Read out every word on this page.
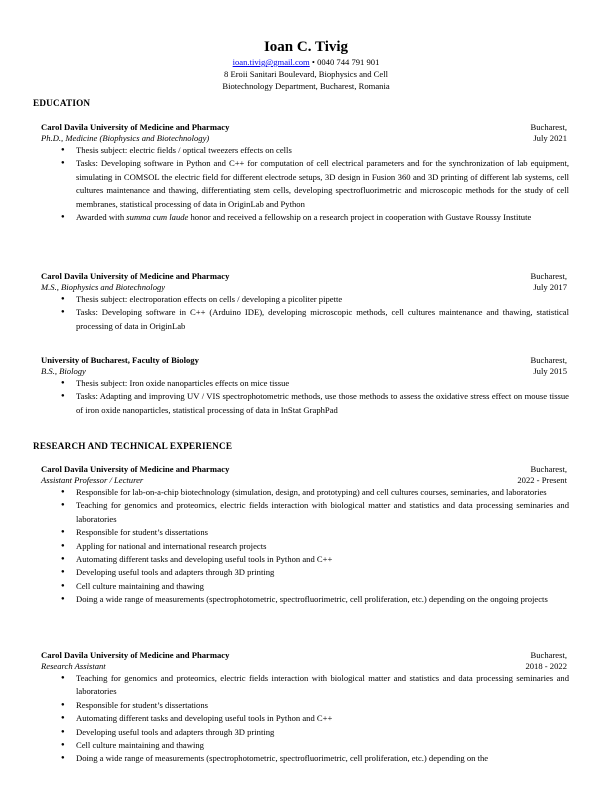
Ioan C. Tivig
ioan.tivig@gmail.com • 0040 744 791 901
8 Eroii Sanitari Boulevard, Biophysics and Cell
Biotechnology Department, Bucharest, Romania
EDUCATION
Carol Davila University of Medicine and Pharmacy
Ph.D., Medicine (Biophysics and Biotechnology)
Bucharest,
July 2021
● Thesis subject: electric fields / optical tweezers effects on cells
● Tasks: Developing software in Python and C++ for computation of cell electrical parameters and for the synchronization of lab equipment, simulating in COMSOL the electric field for different electrode setups, 3D design in Fusion 360 and 3D printing of different lab systems, cell cultures maintenance and thawing, differentiating stem cells, developing spectrofluorimetric and microscopic methods for the study of cell membranes, statistical processing of data in OriginLab and Python
● Awarded with summa cum laude honor and received a fellowship on a research project in cooperation with Gustave Roussy Institute
Carol Davila University of Medicine and Pharmacy
M.S., Biophysics and Biotechnology
Bucharest,
July 2017
● Thesis subject: electroporation effects on cells / developing a picoliter pipette
● Tasks: Developing software in C++ (Arduino IDE), developing microscopic methods, cell cultures maintenance and thawing, statistical processing of data in OriginLab
University of Bucharest, Faculty of Biology
B.S., Biology
Bucharest,
July 2015
● Thesis subject: Iron oxide nanoparticles effects on mice tissue
● Tasks: Adapting and improving UV / VIS spectrophotometric methods, use those methods to assess the oxidative stress effect on mouse tissue of iron oxide nanoparticles, statistical processing of data in InStat GraphPad
RESEARCH AND TECHNICAL EXPERIENCE
Carol Davila University of Medicine and Pharmacy
Assistant Professor / Lecturer
Bucharest,
2022 - Present
● Responsible for lab-on-a-chip biotechnology (simulation, design, and prototyping) and cell cultures courses, seminaries, and laboratories
● Teaching for genomics and proteomics, electric fields interaction with biological matter and statistics and data processing seminaries and laboratories
● Responsible for student’s dissertations
● Appling for national and international research projects
● Automating different tasks and developing useful tools in Python and C++
● Developing useful tools and adapters through 3D printing
● Cell culture maintaining and thawing
● Doing a wide range of measurements (spectrophotometric, spectrofluorimetric, cell proliferation, etc.) depending on the ongoing projects
Carol Davila University of Medicine and Pharmacy
Research Assistant
Bucharest,
2018 - 2022
● Teaching for genomics and proteomics, electric fields interaction with biological matter and statistics and data processing seminaries and laboratories
● Responsible for student’s dissertations
● Automating different tasks and developing useful tools in Python and C++
● Developing useful tools and adapters through 3D printing
● Cell culture maintaining and thawing
● Doing a wide range of measurements (spectrophotometric, spectrofluorimetric, cell proliferation, etc.) depending on the
